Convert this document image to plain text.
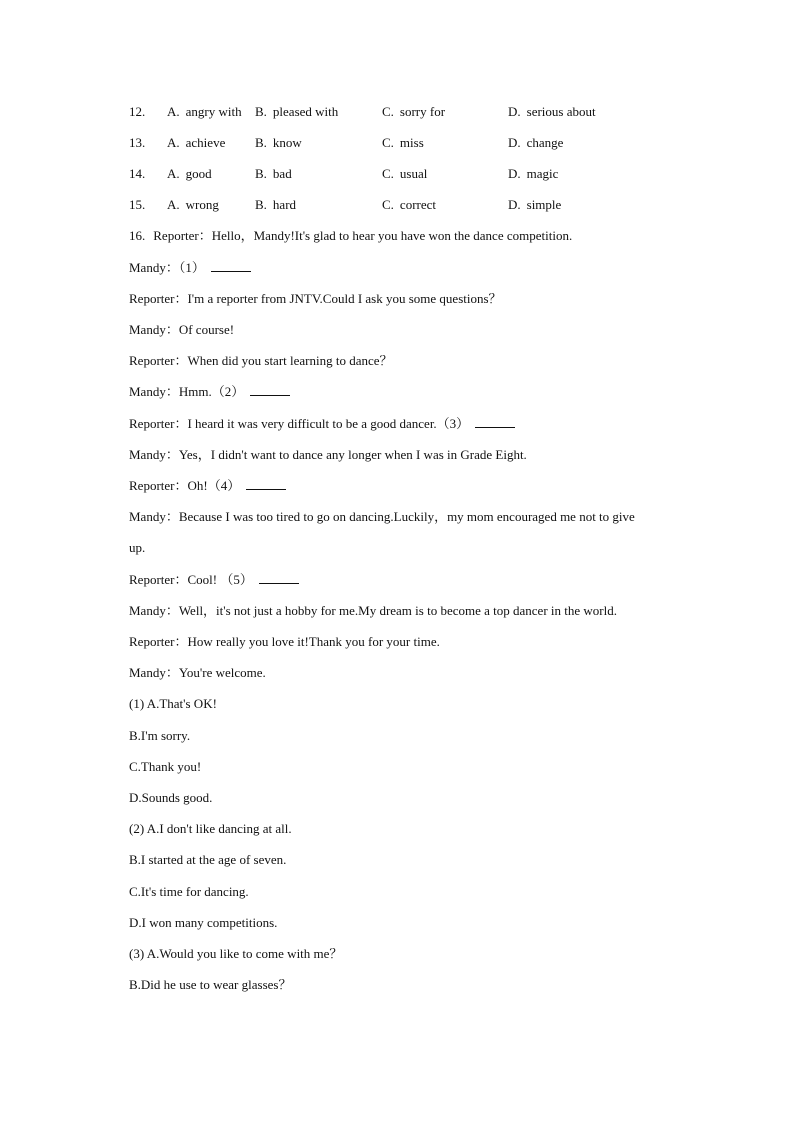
12. A. angry with B. pleased with	C. sorry for	D. serious about
13. A. achieve B. know	C. miss	D. change
14. A. good	B. bad	C. usual	D. magic
15. A. wrong	B. hard	C. correct	D. simple
16. Reporter：Hello，Mandy!It's glad to hear you have won the dance competition.
Mandy：（1）
Reporter：I'm a reporter from JNTV.Could I ask you some questions？
Mandy：Of course!
Reporter：When did you start learning to dance？
Mandy：Hmm.（2）
Reporter：I heard it was very difficult to be a good dancer.（3）
Mandy：Yes，I didn't want to dance any longer when I was in Grade Eight.
Reporter：Oh!（4）
Mandy：Because I was too tired to go on dancing.Luckily，my mom encouraged me not to give
up.
Reporter：Cool! （5）
Mandy：Well，it's not just a hobby for me.My dream is to become a top dancer in the world.
Reporter：How really you love it!Thank you for your time.
Mandy：You're welcome.
(1) A.That's OK!
B.I'm sorry.
C.Thank you!
D.Sounds good.
(2) A.I don't like dancing at all.
B.I started at the age of seven.
C.It's time for dancing.
D.I won many competitions.
(3) A.Would you like to come with me？
B.Did he use to wear glasses？
